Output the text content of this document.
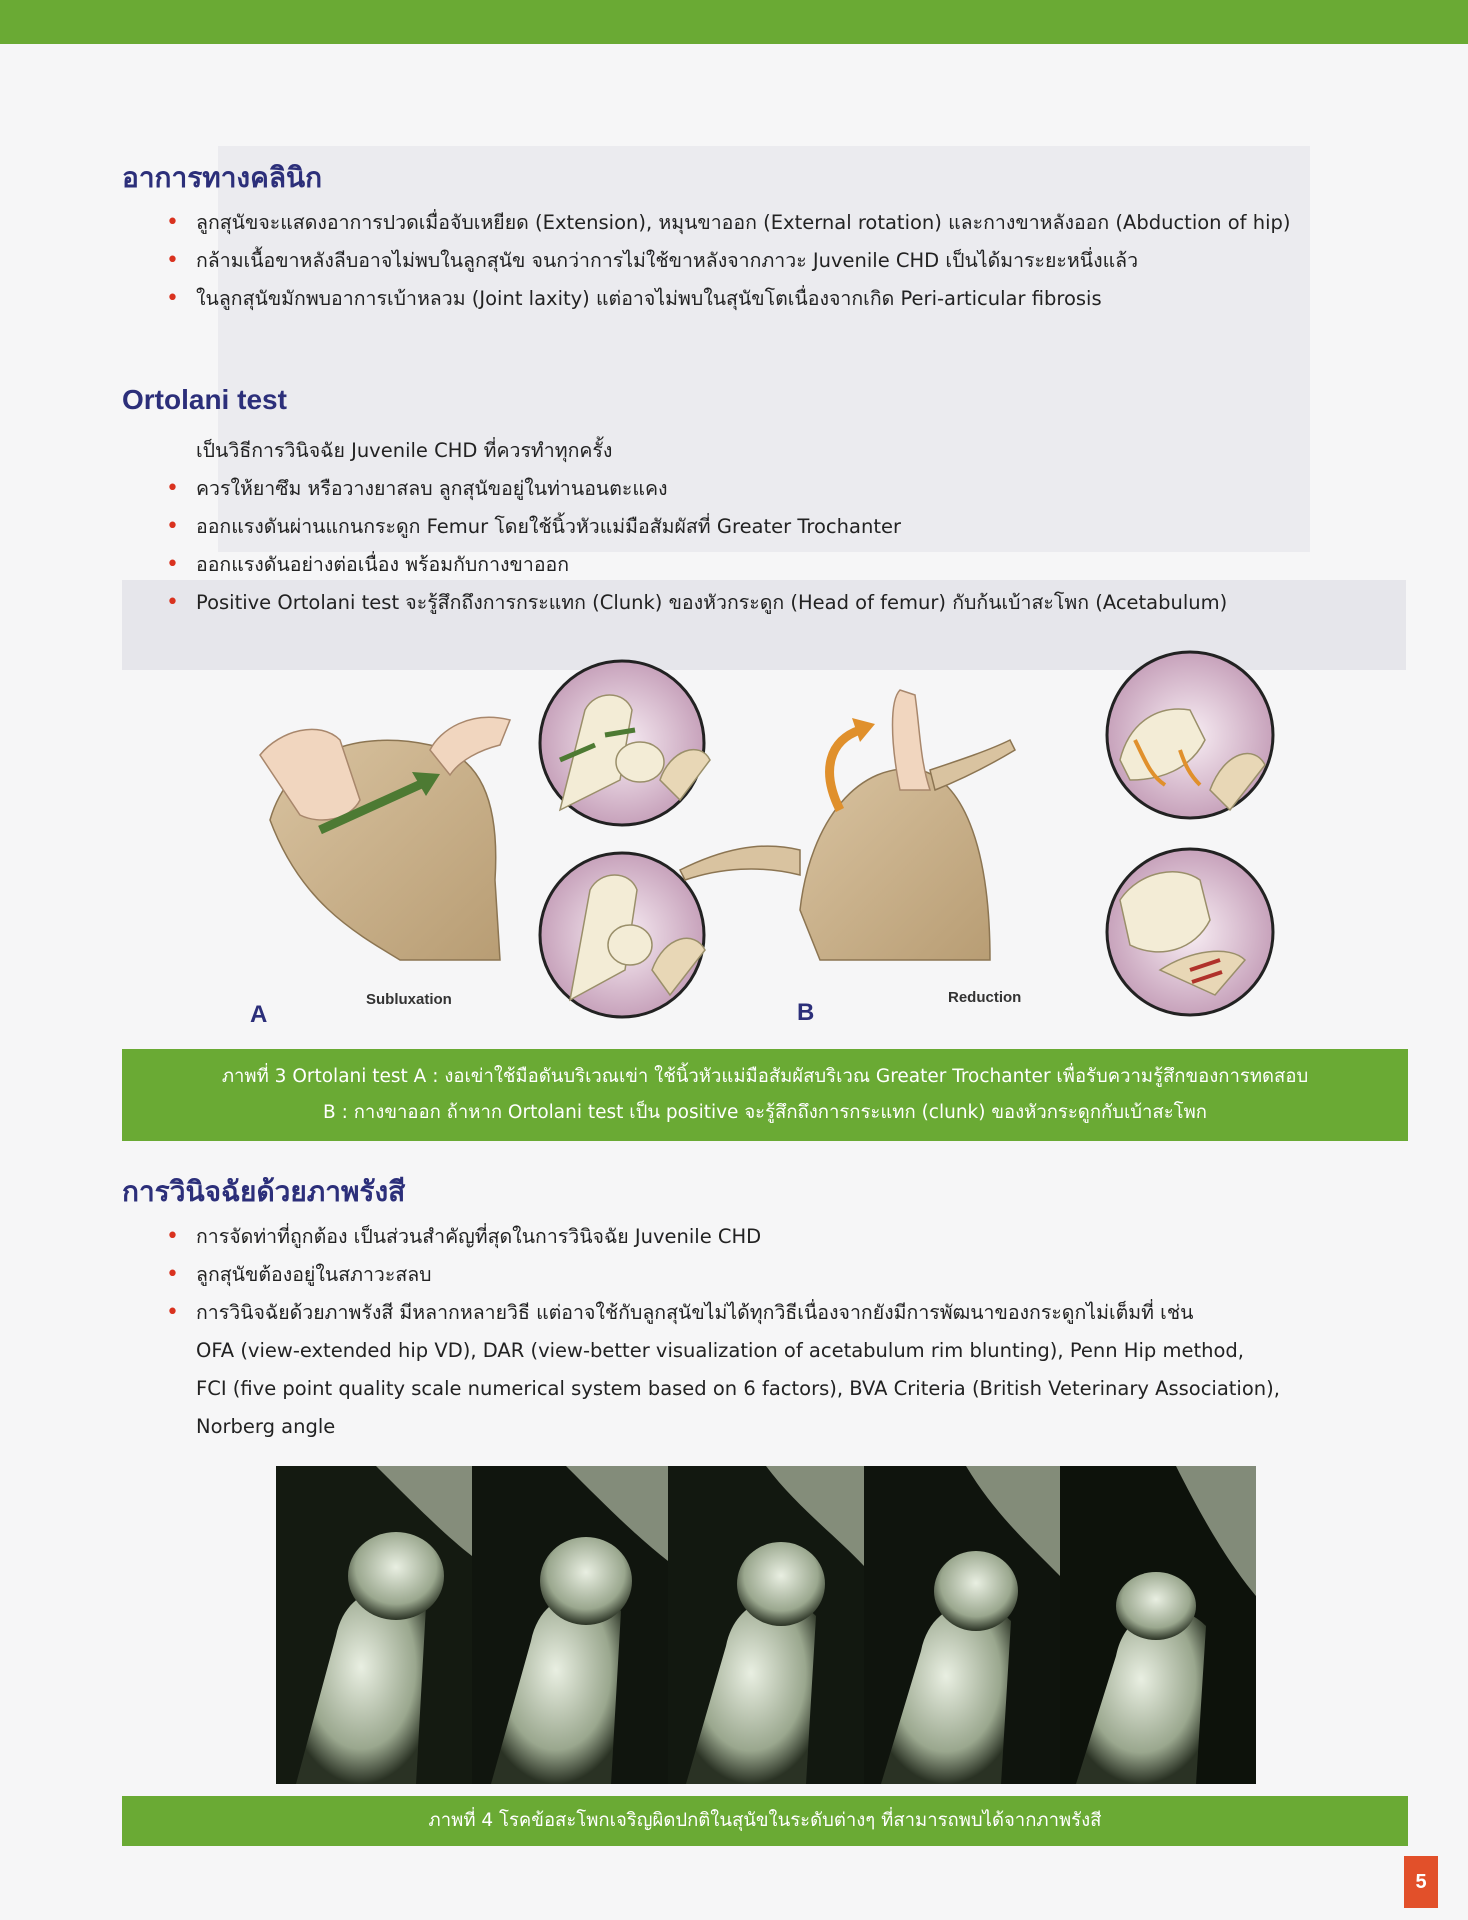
อาการทางคลินิก
• ลูกสุนัขจะแสดงอาการปวดเมื่อจับเหยียด (Extension), หมุนขาออก (External rotation) และกางขาหลังออก (Abduction of hip)
• กล้ามเนื้อขาหลังลีบอาจไม่พบในลูกสุนัข จนกว่าการไม่ใช้ขาหลังจากภาวะ Juvenile CHD เป็นได้มาระยะหนึ่งแล้ว
• ในลูกสุนัขมักพบอาการเบ้าหลวม (Joint laxity) แต่อาจไม่พบในสุนัขโตเนื่องจากเกิด Peri-articular fibrosis
Ortolani test

เป็นวิธีการวินิจฉัย Juvenile CHD ที่ควรทำทุกครั้ง

• ควรให้ยาซึม หรือวางยาสลบ ลูกสุนัขอยู่ในท่านอนตะแคง
• ออกแรงดันผ่านแกนกระดูก Femur โดยใช้นิ้วหัวแม่มือสัมผัสที่ Greater Trochanter
• ออกแรงดันอย่างต่อเนื่อง พร้อมกับกางขาออก
• Positive Ortolani test จะรู้สึกถึงการกระแทก (Clunk) ของหัวกระดูก (Head of femur) กับก้นเบ้าสะโพก (Acetabulum)
A
Subluxation	B
Reduction
ภาพที่ 3 Ortolani test A : งอเข่าใช้มือดันบริเวณเข่า ใช้นิ้วหัวแม่มือสัมผัสบริเวณ Greater Trochanter เพื่อรับความรู้สึกของการทดสอบ
B : กางขาออก ถ้าหาก Ortolani test เป็น positive จะรู้สึกถึงการกระแทก (clunk) ของหัวกระดูกกับเบ้าสะโพก
การวินิจฉัยด้วยภาพรังสี
• การจัดท่าที่ถูกต้อง เป็นส่วนสำคัญที่สุดในการวินิจฉัย Juvenile CHD
• ลูกสุนัขต้องอยู่ในสภาวะสลบ
• การวินิจฉัยด้วยภาพรังสี มีหลากหลายวิธี แต่อาจใช้กับลูกสุนัขไม่ได้ทุกวิธีเนื่องจากยังมีการพัฒนาของกระดูกไม่เต็มที่ เช่น
OFA (view-extended hip VD), DAR (view-better visualization of acetabulum rim blunting), Penn Hip method,
FCI (five point quality scale numerical system based on 6 factors), BVA Criteria (British Veterinary Association),
Norberg angle
ภาพที่ 4 โรคข้อสะโพกเจริญผิดปกติในสุนัขในระดับต่างๆ ที่สามารถพบได้จากภาพรังสี
5
